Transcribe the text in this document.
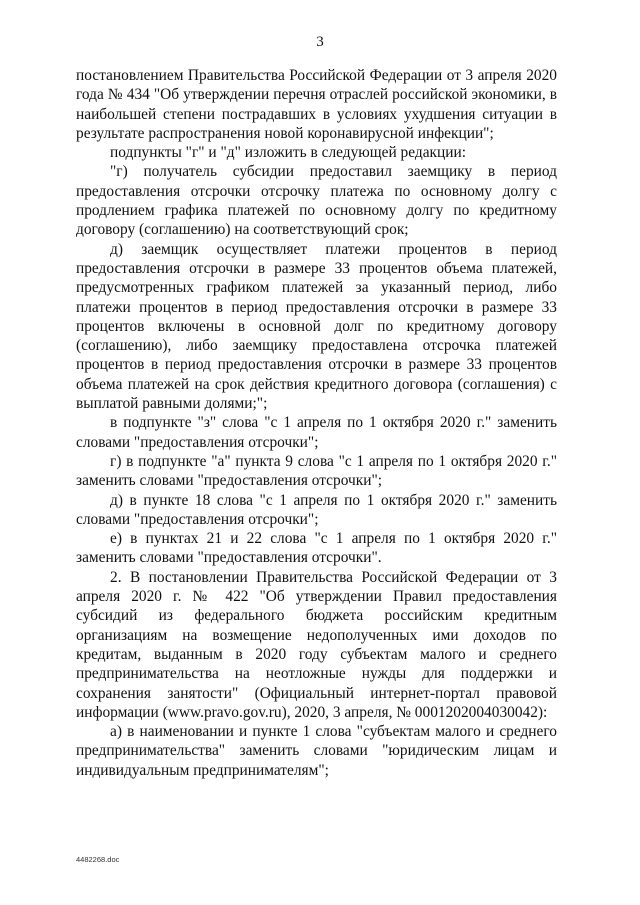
3

постановлением Правительства Российской Федерации от 3 апреля 2020 года № 434 "Об утверждении перечня отраслей российской экономики, в наибольшей степени пострадавших в условиях ухудшения ситуации в результате распространения новой коронавирусной инфекции";

подпункты "г" и "д" изложить в следующей редакции:

"г) получатель субсидии предоставил заемщику в период предоставления отсрочки отсрочку платежа по основному долгу с продлением графика платежей по основному долгу по кредитному договору (соглашению) на соответствующий срок;

д) заемщик осуществляет платежи процентов в период предоставления отсрочки в размере 33 процентов объема платежей, предусмотренных графиком платежей за указанный период, либо платежи процентов в период предоставления отсрочки в размере 33 процентов включены в основной долг по кредитному договору (соглашению), либо заемщику предоставлена отсрочка платежей процентов в период предоставления отсрочки в размере 33 процентов объема платежей на срок действия кредитного договора (соглашения) с выплатой равными долями;";

в подпункте "з" слова "с 1 апреля по 1 октября 2020 г." заменить словами "предоставления отсрочки";

г) в подпункте "а" пункта 9 слова "с 1 апреля по 1 октября 2020 г." заменить словами "предоставления отсрочки";

д) в пункте 18 слова "с 1 апреля по 1 октября 2020 г." заменить словами "предоставления отсрочки";

е) в пунктах 21 и 22 слова "с 1 апреля по 1 октября 2020 г." заменить словами "предоставления отсрочки".

2. В постановлении Правительства Российской Федерации от 3 апреля 2020 г. № 422 "Об утверждении Правил предоставления субсидий из федерального бюджета российским кредитным организациям на возмещение недополученных ими доходов по кредитам, выданным в 2020 году субъектам малого и среднего предпринимательства на неотложные нужды для поддержки и сохранения занятости" (Официальный интернет-портал правовой информации (www.pravo.gov.ru), 2020, 3 апреля, № 0001202004030042):

а) в наименовании и пункте 1 слова "субъектам малого и среднего предпринимательства" заменить словами "юридическим лицам и индивидуальным предпринимателям";

4482268.doc
